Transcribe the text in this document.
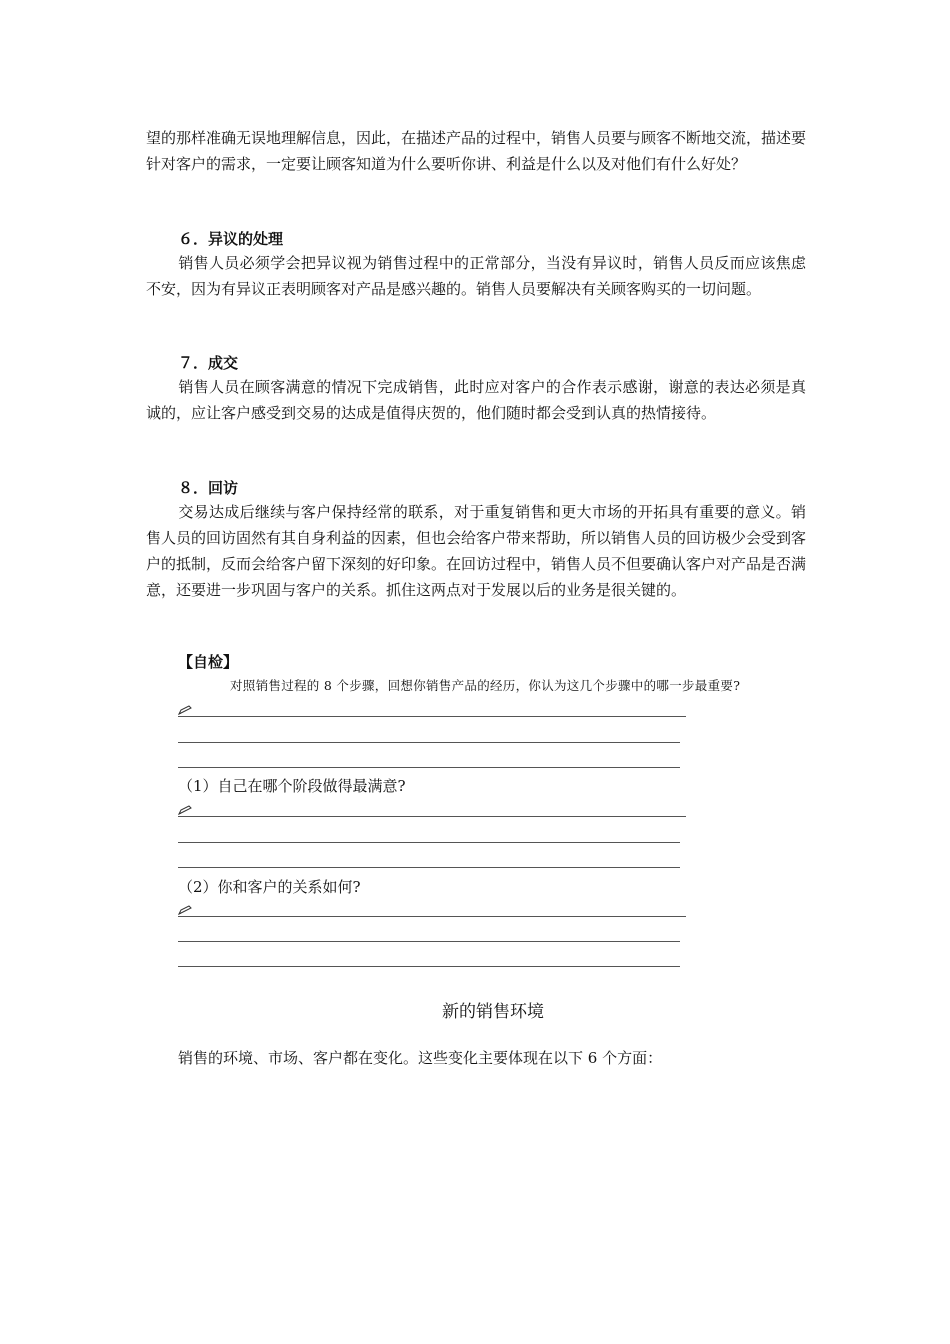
望的那样准确无误地理解信息，因此，在描述产品的过程中，销售人员要与顾客不断地交流，描述要针对客户的需求，一定要让顾客知道为什么要听你讲、利益是什么以及对他们有什么好处？

６．异议的处理

销售人员必须学会把异议视为销售过程中的正常部分，当没有异议时，销售人员反而应该焦虑不安，因为有异议正表明顾客对产品是感兴趣的。销售人员要解决有关顾客购买的一切问题。

７．成交

销售人员在顾客满意的情况下完成销售，此时应对客户的合作表示感谢，谢意的表达必须是真诚的，应让客户感受到交易的达成是值得庆贺的，他们随时都会受到认真的热情接待。

８．回访

交易达成后继续与客户保持经常的联系，对于重复销售和更大市场的开拓具有重要的意义。销售人员的回访固然有其自身利益的因素，但也会给客户带来帮助，所以销售人员的回访极少会受到客户的抵制，反而会给客户留下深刻的好印象。在回访过程中，销售人员不但要确认客户对产品是否满意，还要进一步巩固与客户的关系。抓住这两点对于发展以后的业务是很关键的。

【自检】

对照销售过程的 8 个步骤，回想你销售产品的经历，你认为这几个步骤中的哪一步最重要?

（1）自己在哪个阶段做得最满意?

（2）你和客户的关系如何?

新的销售环境

销售的环境、市场、客户都在变化。这些变化主要体现在以下 6 个方面：
